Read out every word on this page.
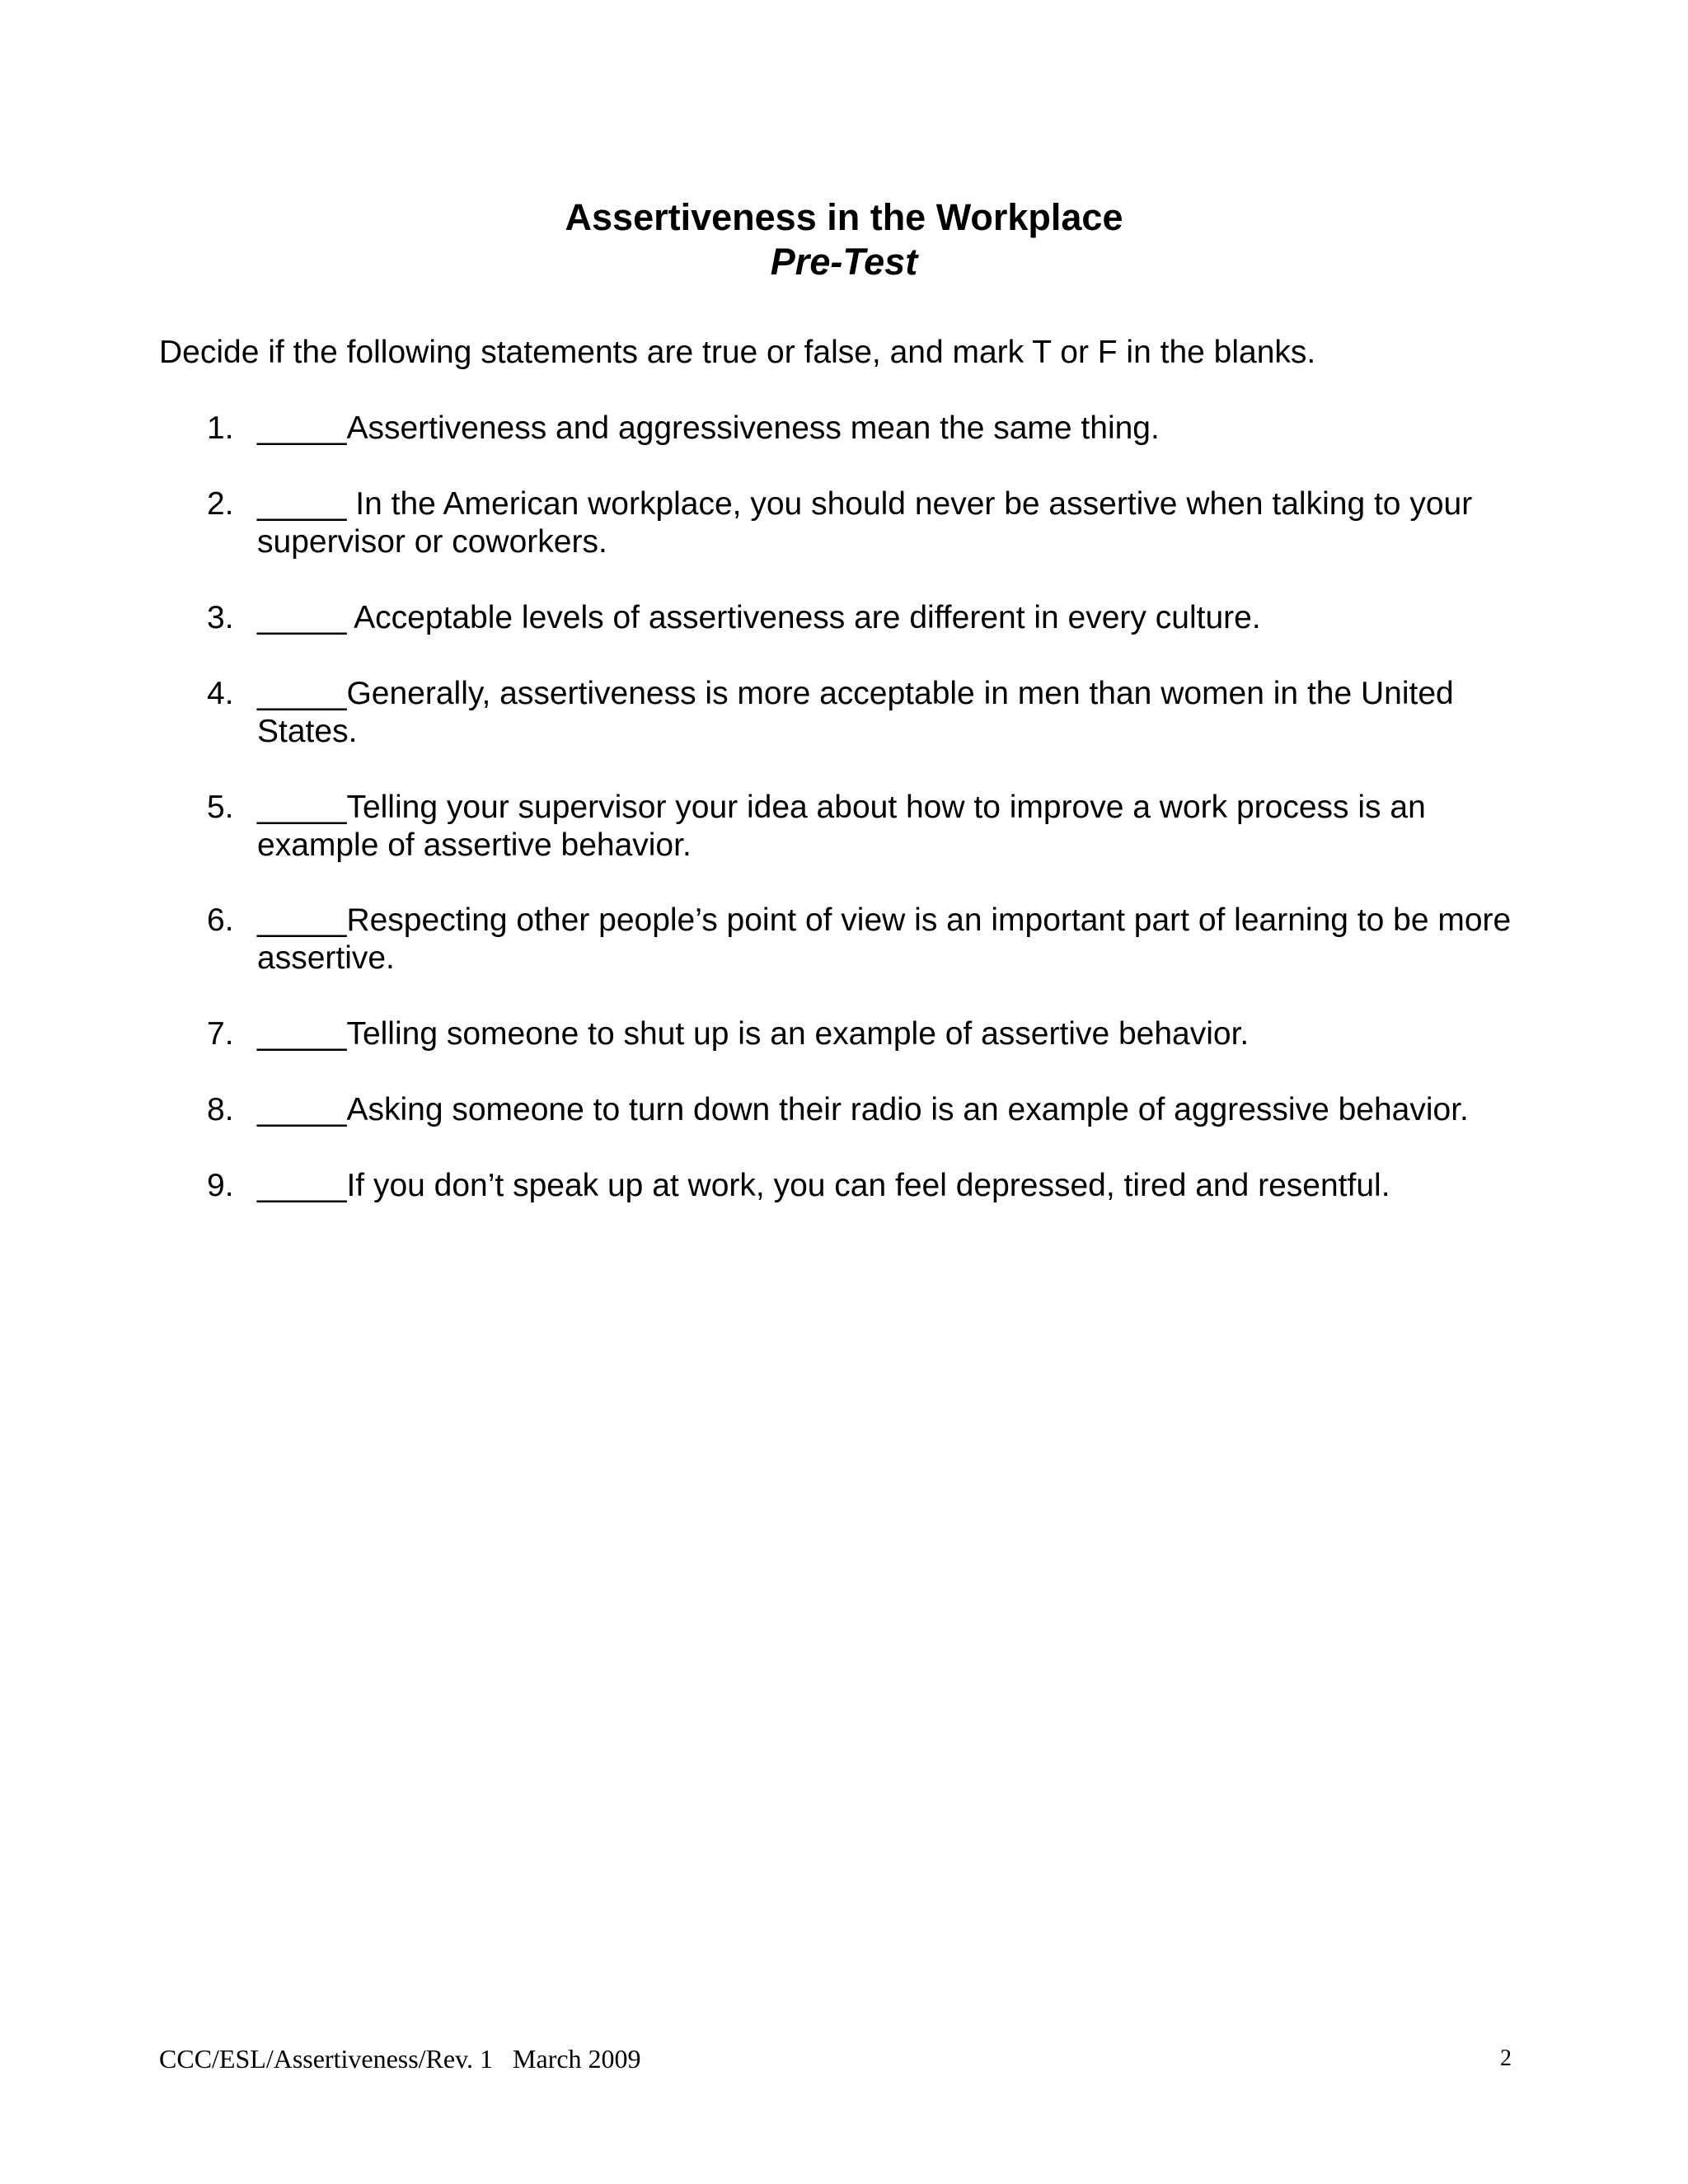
Assertiveness in the Workplace
Pre-Test
Decide if the following statements are true or false, and mark T or F in the blanks.
1. _____Assertiveness and aggressiveness mean the same thing.
2. _____ In the American workplace, you should never be assertive when talking to your supervisor or coworkers.
3. _____ Acceptable levels of assertiveness are different in every culture.
4. _____Generally, assertiveness is more acceptable in men than women in the United States.
5. _____Telling your supervisor your idea about how to improve a work process is an example of assertive behavior.
6. _____Respecting other people’s point of view is an important part of learning to be more assertive.
7. _____Telling someone to shut up is an example of assertive behavior.
8. _____Asking someone to turn down their radio is an example of aggressive behavior.
9. _____If you don’t speak up at work, you can feel depressed, tired and resentful.
CCC/ESL/Assertiveness/Rev. 1   March 2009	2
